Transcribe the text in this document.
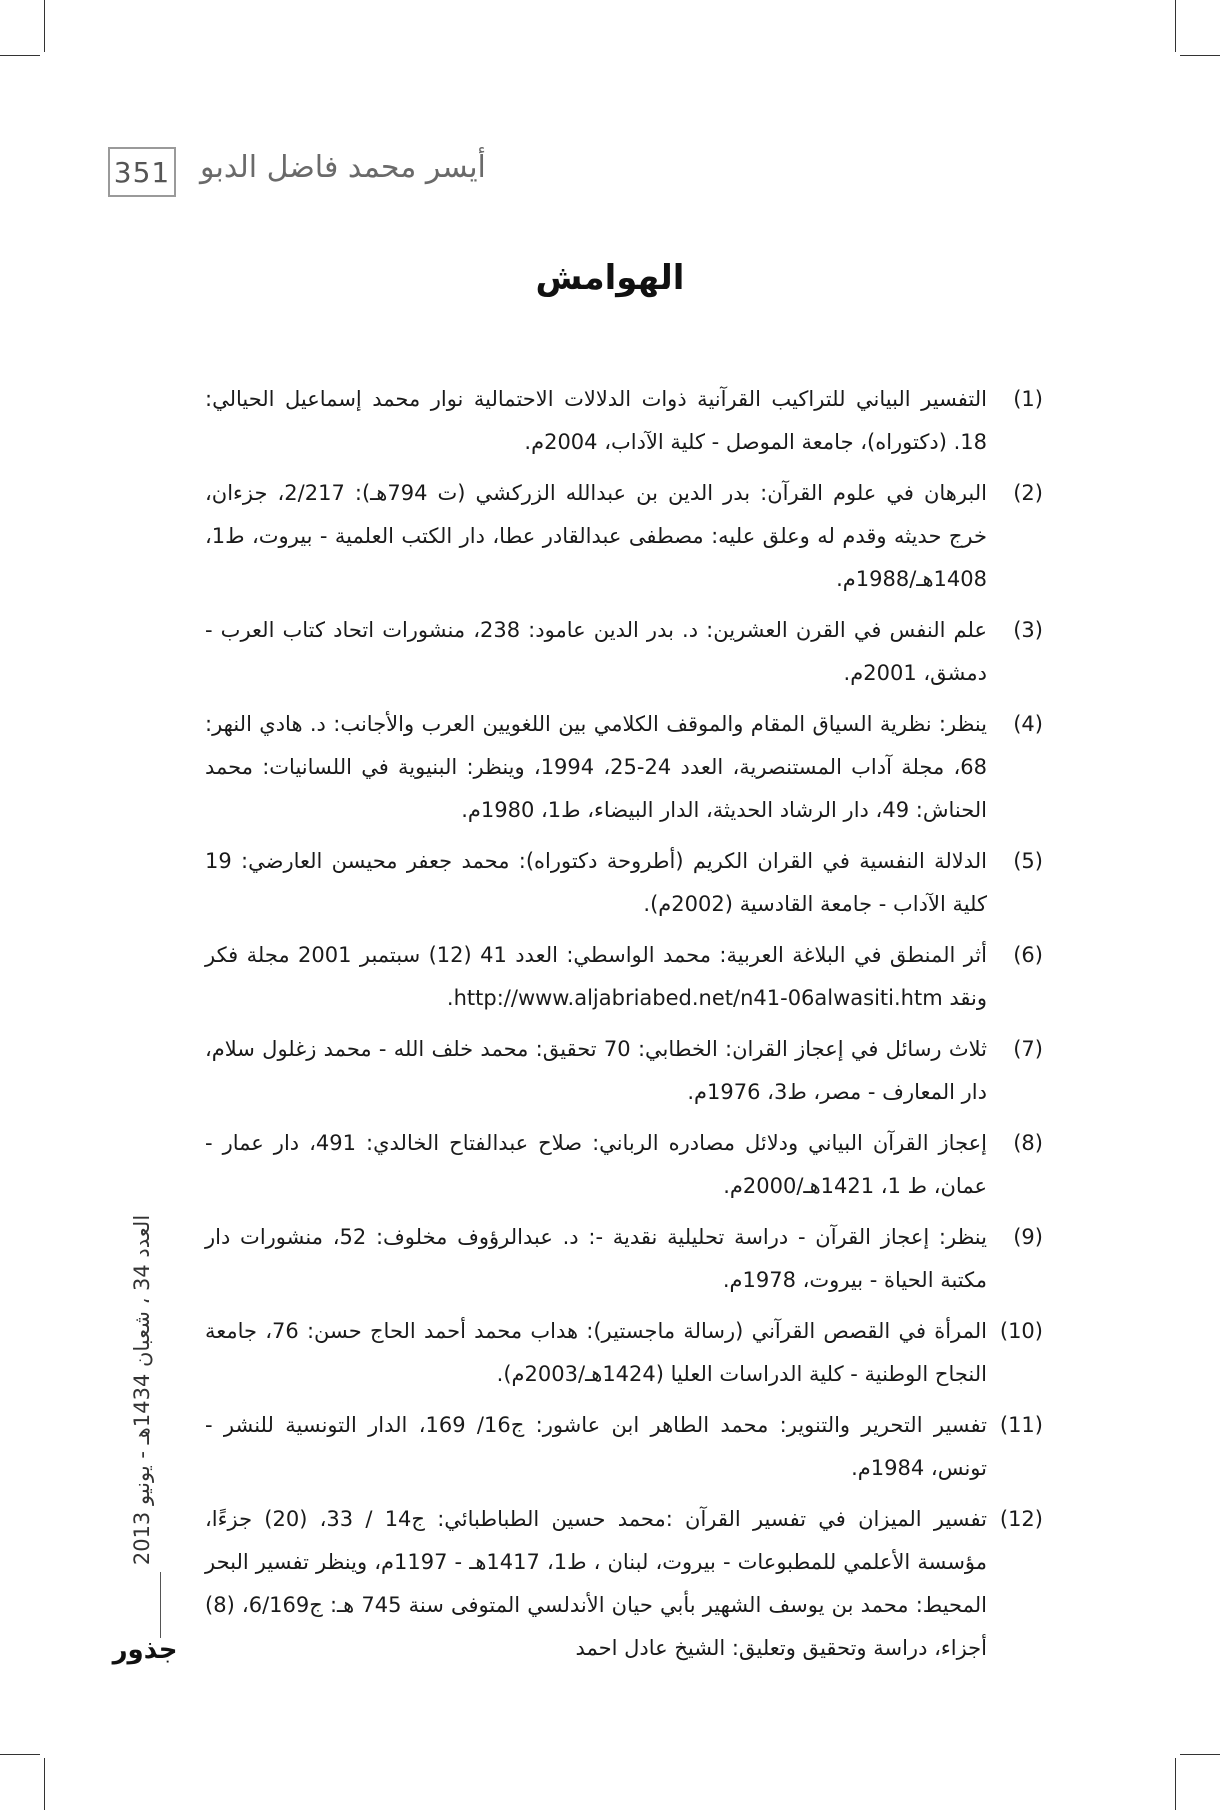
351 أيسر محمد فاضل الدبو
الهوامش
(1)
التفسير البياني للتراكيب القرآنية ذوات الدلالات الاحتمالية نوار محمد إسماعيل الحيالي: 18. (دكتوراه)، جامعة الموصل - كلية الآداب، 2004م.
(2)
البرهان في علوم القرآن: بدر الدين بن عبدالله الزركشي (ت 794هـ): 2/217، جزءان، خرج حديثه وقدم له وعلق عليه: مصطفى عبدالقادر عطا، دار الكتب العلمية - بيروت، ط1، 1408هـ/1988م.
(3)
علم النفس في القرن العشرين: د. بدر الدين عامود: 238، منشورات اتحاد كتاب العرب - دمشق، 2001م.
(4)
ينظر: نظرية السياق المقام والموقف الكلامي بين اللغويين العرب والأجانب: د. هادي النهر: 68، مجلة آداب المستنصرية، العدد 24-25، 1994، وينظر: البنيوية في اللسانيات: محمد الحناش: 49، دار الرشاد الحديثة، الدار البيضاء، ط1، 1980م.
(5)
الدلالة النفسية في القران الكريم (أطروحة دكتوراه): محمد جعفر محيسن العارضي: 19 كلية الآداب - جامعة القادسية (2002م).
(6)
أثر المنطق في البلاغة العربية: محمد الواسطي: العدد 41 (12) سبتمبر 2001 مجلة فكر ونقد http://www.aljabriabed.net/n41-06alwasiti.htm.
(7)
ثلاث رسائل في إعجاز القران: الخطابي: 70 تحقيق: محمد خلف الله - محمد زغلول سلام، دار المعارف - مصر، ط3، 1976م.
(8)
إعجاز القرآن البياني ودلائل مصادره الرباني: صلاح عبدالفتاح الخالدي: 491، دار عمار - عمان، ط 1، 1421هـ/2000م.
(9)
ينظر: إعجاز القرآن - دراسة تحليلية نقدية -: د. عبدالرؤوف مخلوف: 52، منشورات دار مكتبة الحياة - بيروت، 1978م.
(10)
المرأة في القصص القرآني (رسالة ماجستير): هداب محمد أحمد الحاج حسن: 76، جامعة النجاح الوطنية - كلية الدراسات العليا (1424هـ/2003م).
(11)
تفسير التحرير والتنوير: محمد الطاهر ابن عاشور: ج16/ 169، الدار التونسية للنشر - تونس، 1984م.
(12)
تفسير الميزان في تفسير القرآن :محمد حسين الطباطبائي: ج14 / 33، (20) جزءًا، مؤسسة الأعلمي للمطبوعات - بيروت، لبنان ، ط1، 1417هـ - 1197م، وينظر تفسير البحر المحيط: محمد بن يوسف الشهير بأبي حيان الأندلسي المتوفى سنة 745 هـ: ج6/169، (8) أجزاء، دراسة وتحقيق وتعليق: الشيخ عادل احمد
العدد 34 ، شعبان 1434هـ - يونيو 2013
جذور
